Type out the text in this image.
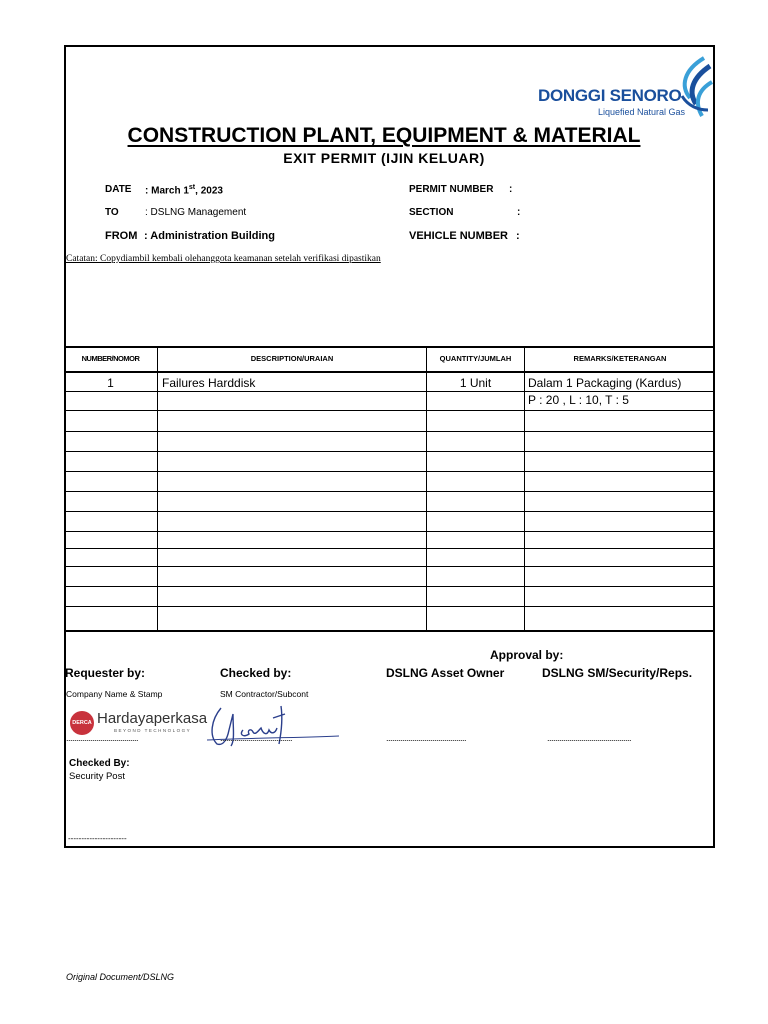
DONGGI SENORO
Liquefied Natural Gas
CONSTRUCTION PLANT, EQUIPMENT & MATERIAL
EXIT PERMIT (IJIN KELUAR)
DATE : March 1st, 2023
TO	: DSLNG Management
FROM : Administration Building
PERMIT NUMBER :
SECTION	:
VEHICLE NUMBER :
Catatan: Copydiambil kembali olehanggota keamanan setelah verifikasi dipastikan
NUMBER/NOMOR	DESCRIPTION/URAIAN	QUANTITY/JUMLAH	REMARKS/KETERANGAN
1	Failures Harddisk	1 Unit	Dalam 1 Packaging (Kardus)
P : 20 , L : 10, T : 5
Approval by:
Requester by:	Checked by:	DSLNG Asset Owner	DSLNG SM/Security/Reps.
Company Name & Stamp	SM Contractor/Subcont
DERCA Hardayaperkasa
BEYOND TECHNOLOGY
....................................	....................................	........................................	..........................................
Checked By:
Security Post
----------------------
Original Document/DSLNG
